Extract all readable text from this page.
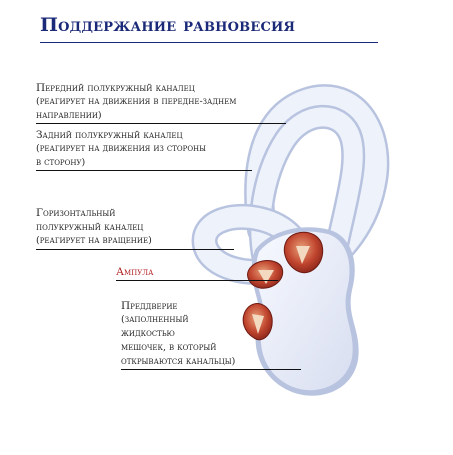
Поддержание равновесия
Передний полукружный каналец
(реагирует на движения в передне-заднем
направлении)
Задний полукружный каналец
(реагирует на движения из стороны
в сторону)
Горизонтальный
полукружный каналец
(реагирует на вращение)
Ампула
Преддверие
(заполненный
жидкостью
мешочек, в который
открываются канальцы)
